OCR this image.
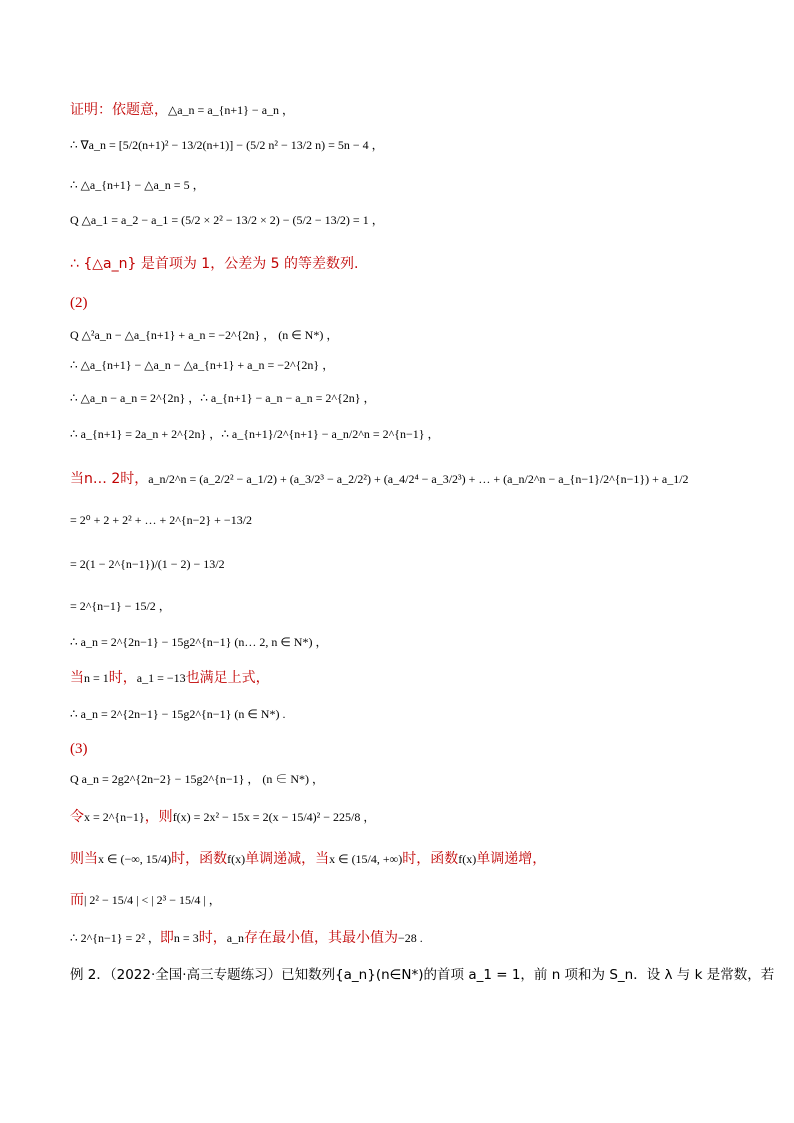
证明：依题意， △a_n = a_{n+1} − a_n ，
∴ ∇a_n = [5/2(n+1)² − 13/2(n+1)] − (5/2 n² − 13/2 n) = 5n − 4 ，
∴ △a_{n+1} − △a_n = 5 ，
Q △a_1 = a_2 − a_1 = (5/2 × 2² − 13/2 × 2) − (5/2 − 13/2) = 1 ，
∴ {△a_n} 是首项为 1，公差为 5 的等差数列.
(2)
Q △²a_n − △a_{n+1} + a_n = −2^{2n} ， (n ∈ N*) ，
∴ △a_{n+1} − △a_n − △a_{n+1} + a_n = −2^{2n} ，
∴ △a_n − a_n = 2^{2n} ，∴ a_{n+1} − a_n − a_n = 2^{2n} ，
∴ a_{n+1} = 2a_n + 2^{2n} ，∴ a_{n+1}/2^{n+1} − a_n/2^n = 2^{n−1} ，
当n… 2时， a_n/2^n = (a_2/2² − a_1/2) + (a_3/2³ − a_2/2²) + (a_4/2⁴ − a_3/2³) + … + (a_n/2^n − a_{n−1}/2^{n−1}) + a_1/2
= 2⁰ + 2 + 2² + … + 2^{n−2} + −13/2
= 2(1 − 2^{n−1})/(1 − 2) − 13/2
= 2^{n−1} − 15/2 ，
∴ a_n = 2^{2n−1} − 15g2^{n−1} (n… 2, n ∈ N*) ，
当 n = 1 时， a_1 = −13 也满足上式，
∴ a_n = 2^{2n−1} − 15g2^{n−1} (n ∈ N*) .
(3)
Q a_n = 2g2^{2n−2} − 15g2^{n−1} ， (n ∈ N*) ，
令 x = 2^{n−1} ，则 f(x) = 2x² − 15x = 2(x − 15/4)² − 225/8 ，
则当 x ∈ (−∞, 15/4) 时，函数 f(x) 单调递减，当 x ∈ (15/4, +∞) 时，函数 f(x) 单调递增，
而 | 2² − 15/4 | < | 2³ − 15/4 | ，
∴ 2^{n−1} = 2² ， 即 n = 3 时， a_n 存在最小值，其最小值为 −28 .
例 2．（2022·全国·高三专题练习）已知数列{a_n}(n∈N*)的首项 a_1 = 1，前 n 项和为 S_n．设 λ 与 k 是常数，若
